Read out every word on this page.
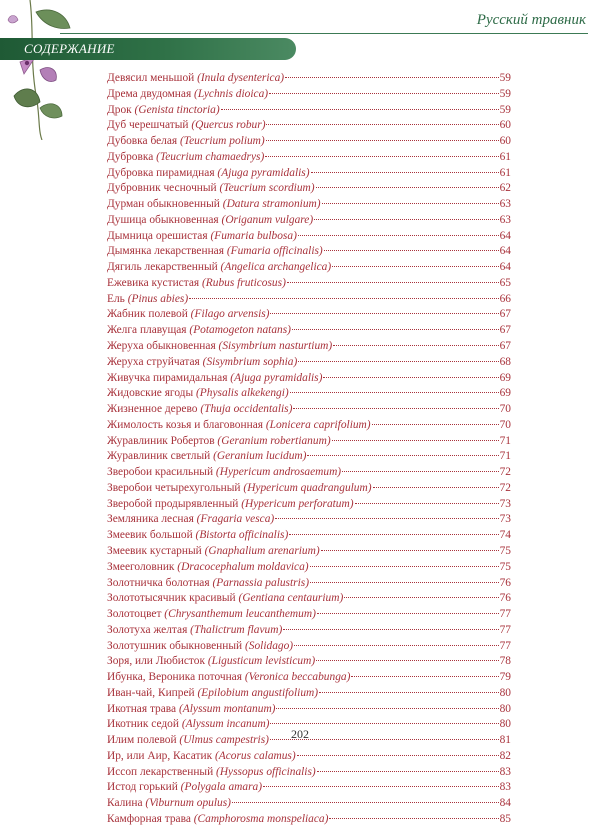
Русский травник
СОДЕРЖАНИЕ
Девясил меньшой (Inula dysenterica)	59
Дрема двудомная (Lychnis dioica)	59
Дрок (Genista tinctoria)	59
Дуб черешчатый (Quercus robur)	60
Дубовка белая (Teucrium polium)	60
Дубровка (Teucrium chamaedrys)	61
Дубровка пирамидная (Ajuga pyramidalis)	61
Дубровник чесночный (Teucrium scordium)	62
Дурман обыкновенный (Datura stramonium)	63
Душица обыкновенная (Origanum vulgare)	63
Дымница орешистая (Fumaria bulbosa)	64
Дымянка лекарственная (Fumaria officinalis)	64
Дягиль лекарственный (Angelica archangelica)	64
Ежевика кустистая (Rubus fruticosus)	65
Ель (Pinus abies)	66
Жабник полевой (Filago arvensis)	67
Желга плавущая (Potamogeton natans)	67
Жеруха обыкновенная (Sisymbrium nasturtium)	67
Жеруха струйчатая (Sisymbrium sophia)	68
Живучка пирамидальная (Ajuga pyramidalis)	69
Жидовские ягоды (Physalis alkekengi)	69
Жизненное дерево (Thuja occidentalis)	70
Жимолость козья и благовонная (Lonicera caprifolium)	70
Журавлиник Робертов (Geranium robertianum)	71
Журавлиник светлый (Geranium lucidum)	71
Зверобои красильный (Hypericum androsaemum)	72
Зверобои четырехугольный (Hypericum quadrangulum)	72
Зверобой продырявленный (Hypericum perforatum)	73
Земляника лесная (Fragaria vesca)	73
Змеевик большой (Bistorta officinalis)	74
Змеевик кустарный (Gnaphalium arenarium)	75
Змееголовник (Dracocephalum moldavica)	75
Золотничка болотная (Parnassia palustris)	76
Золототысячник красивый (Gentiana centaurium)	76
Золотоцвет (Chrysanthemum leucanthemum)	77
Золотуха желтая (Thalictrum flavum)	77
Золотушник обыкновенный (Solidago)	77
Зоря, или Любисток (Ligusticum levisticum)	78
Ибунка, Вероника поточная (Veronica beccabunga)	79
Иван-чай, Кипрей (Epilobium angustifolium)	80
Икотная трава (Alyssum montanum)	80
Икотник седой (Alyssum incanum)	80
Илим полевой (Ulmus campestris)	81
Ир, или Аир, Касатик (Acorus calamus)	82
Иссоп лекарственный (Hyssopus officinalis)	83
Истод горький (Polygala amara)	83
Калина (Viburnum opulus)	84
Камфорная трава (Camphorosma monspeliaca)	85
202
